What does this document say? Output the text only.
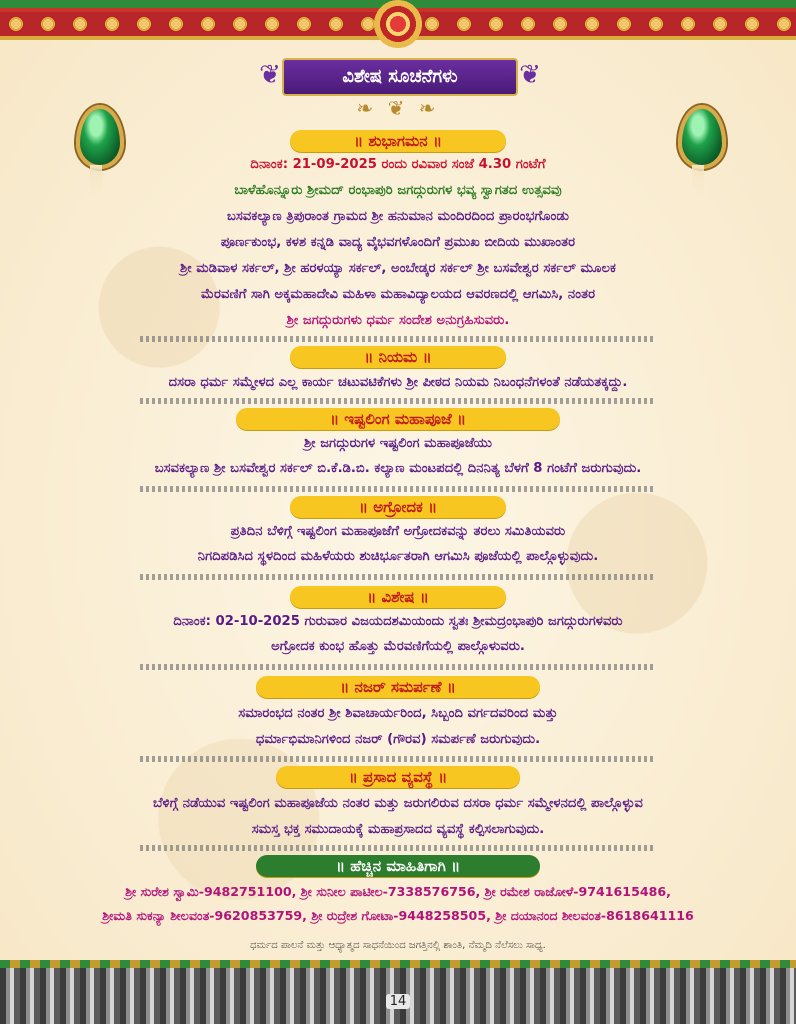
❦	ವಿಶೇಷ ಸೂಚನೆಗಳು	❦
❧ ❦ ❧
॥ ಶುಭಾಗಮನ ॥
ದಿನಾಂಕ: 21-09-2025 ರಂದು ರವಿವಾರ ಸಂಜೆ 4.30 ಗಂಟೆಗೆ
ಬಾಳೆಹೊನ್ನೂರು ಶ್ರೀಮದ್ ರಂಭಾಪುರಿ ಜಗದ್ಗುರುಗಳ ಭವ್ಯ ಸ್ವಾಗತದ ಉತ್ಸವವು
ಬಸವಕಲ್ಯಾಣ ತ್ರಿಪುರಾಂತ ಗ್ರಾಮದ ಶ್ರೀ ಹನುಮಾನ ಮಂದಿರದಿಂದ ಪ್ರಾರಂಭಗೊಂಡು
ಪೂರ್ಣಕುಂಭ, ಕಳಶ ಕನ್ನಡಿ ವಾದ್ಯ ವೈಭವಗಳೊಂದಿಗೆ ಪ್ರಮುಖ ಬೀದಿಯ ಮುಖಾಂತರ
ಶ್ರೀ ಮಡಿವಾಳ ಸರ್ಕಲ್, ಶ್ರೀ ಹರಳಯ್ಯಾ ಸರ್ಕಲ್, ಅಂಬೇಡ್ಕರ ಸರ್ಕಲ್ ಶ್ರೀ ಬಸವೇಶ್ವರ ಸರ್ಕಲ್ ಮೂಲಕ
ಮೆರವಣಿಗೆ ಸಾಗಿ ಅಕ್ಕಮಹಾದೇವಿ ಮಹಿಳಾ ಮಹಾವಿದ್ಯಾಲಯದ ಆವರಣದಲ್ಲಿ ಆಗಮಿಸಿ, ನಂತರ
ಶ್ರೀ ಜಗದ್ಗುರುಗಳು ಧರ್ಮ ಸಂದೇಶ ಅನುಗ್ರಹಿಸುವರು.
॥ ನಿಯಮ ॥
ದಸರಾ ಧರ್ಮ ಸಮ್ಮೇಳದ ಎಲ್ಲ ಕಾರ್ಯ ಚಟುವಟಿಕೆಗಳು ಶ್ರೀ ಪೀಠದ ನಿಯಮ ನಿಬಂಧನೆಗಳಂತೆ ನಡೆಯತಕ್ಕದ್ದು.
॥ ಇಷ್ಟಲಿಂಗ ಮಹಾಪೂಜೆ ॥
ಶ್ರೀ ಜಗದ್ಗುರುಗಳ ಇಷ್ಟಲಿಂಗ ಮಹಾಪೂಜೆಯು
ಬಸವಕಲ್ಯಾಣ ಶ್ರೀ ಬಸವೇಶ್ವರ ಸರ್ಕಲ್ ಬಿ.ಕೆ.ಡಿ.ಬಿ. ಕಲ್ಯಾಣ ಮಂಟಪದಲ್ಲಿ ದಿನನಿತ್ಯ ಬೆಳಗೆ 8 ಗಂಟೆಗೆ ಜರುಗುವುದು.
॥ ಅಗ್ರೋದಕ ॥
ಪ್ರತಿದಿನ ಬೆಳಿಗ್ಗೆ ಇಷ್ಟಲಿಂಗ ಮಹಾಪೂಜೆಗೆ ಅಗ್ರೋದಕವನ್ನು ತರಲು ಸಮಿತಿಯವರು
ನಿಗದಿಪಡಿಸಿದ ಸ್ಥಳದಿಂದ ಮಹಿಳೆಯರು ಶುಚಿರ್ಭೂತರಾಗಿ ಆಗಮಿಸಿ ಪೂಜೆಯಲ್ಲಿ ಪಾಲ್ಗೊಳ್ಳುವುದು.
॥ ವಿಶೇಷ ॥
ದಿನಾಂಕ: 02-10-2025 ಗುರುವಾರ ವಿಜಯದಶಮಿಯಂದು ಸ್ವತಃ ಶ್ರೀಮದ್ರಂಭಾಪುರಿ ಜಗದ್ಗುರುಗಳವರು
ಅಗ್ರೋದಕ ಕುಂಭ ಹೊತ್ತು ಮೆರವಣಿಗೆಯಲ್ಲಿ ಪಾಲ್ಗೊಳುವರು.
॥ ನಜರ್ ಸಮರ್ಪಣೆ ॥
ಸಮಾರಂಭದ ನಂತರ ಶ್ರೀ ಶಿವಾಚಾರ್ಯರಿಂದ, ಸಿಬ್ಬಂದಿ ವರ್ಗದವರಿಂದ ಮತ್ತು
ಧರ್ಮಾಭಿಮಾನಿಗಳಿಂದ ನಜರ್ (ಗೌರವ) ಸಮರ್ಪಣೆ ಜರುಗುವುದು.
॥ ಪ್ರಸಾದ ವ್ಯವಸ್ಥೆ ॥
ಬೆಳಿಗ್ಗೆ ನಡೆಯುವ ಇಷ್ಟಲಿಂಗ ಮಹಾಪೂಜೆಯ ನಂತರ ಮತ್ತು ಜರುಗಲಿರುವ ದಸರಾ ಧರ್ಮ ಸಮ್ಮೇಳನದಲ್ಲಿ ಪಾಲ್ಗೊಳ್ಳುವ
ಸಮಸ್ತ ಭಕ್ತ ಸಮುದಾಯಕ್ಕೆ ಮಹಾಪ್ರಸಾದದ ವ್ಯವಸ್ಥೆ ಕಲ್ಪಿಸಲಾಗುವುದು.
॥ ಹೆಚ್ಚಿನ ಮಾಹಿತಿಗಾಗಿ ॥
ಶ್ರೀ ಸುರೇಶ ಸ್ವಾಮಿ-9482751100, ಶ್ರೀ ಸುನೀಲ ಪಾಟೀಲ-7338576756, ಶ್ರೀ ರಮೇಶ ರಾಜೋಳೆ-9741615486,
ಶ್ರೀಮತಿ ಸುಕನ್ಯಾ ಶೀಲವಂತ-9620853759, ಶ್ರೀ ರುದ್ರೇಶ ಗೋಟಾ-9448258505, ಶ್ರೀ ದಯಾನಂದ ಶೀಲವಂತ-8618641116
ಧರ್ಮದ ಪಾಲನೆ ಮತ್ತು ಆಧ್ಯಾತ್ಮದ ಸಾಧನೆಯಿಂದ ಜಗತ್ತಿನಲ್ಲಿ ಶಾಂತಿ, ನೆಮ್ಮದಿ ನೆಲೆಸಲು ಸಾಧ್ಯ.
14
